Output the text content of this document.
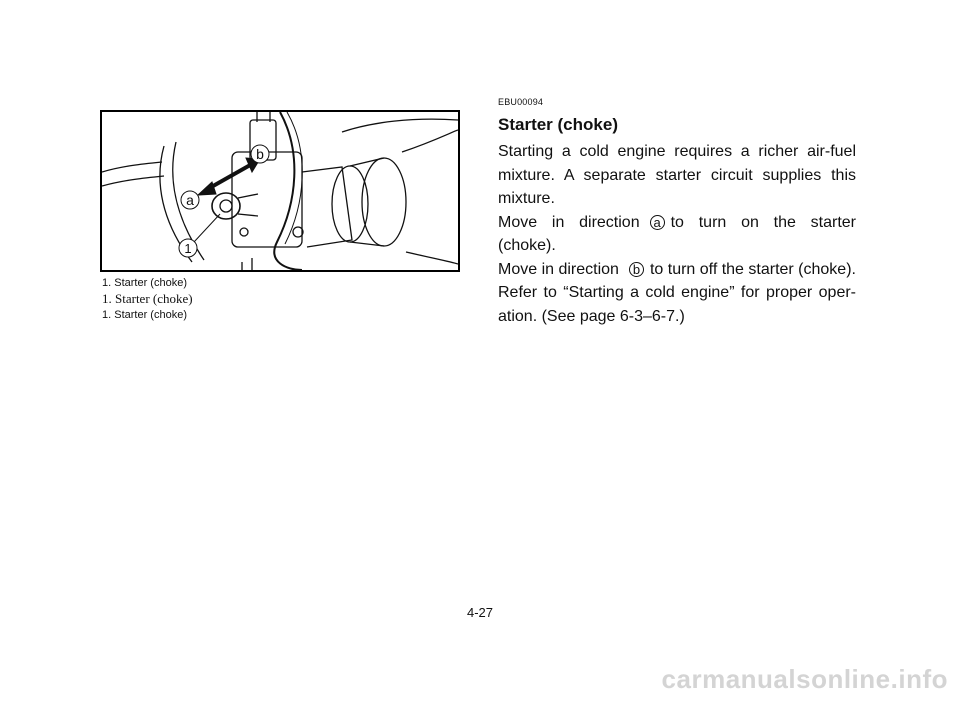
b
a
1
1. Starter (choke)
1. Starter (choke)
1. Starter (choke)
EBU00094
Starter (choke)

Starting a cold engine requires a richer air-fuel mixture. A separate starter circuit supplies this mixture.

Move in direction a to turn on the starter (choke).

Move in direction b to turn off the starter (choke).

Refer to “Starting a cold engine” for proper oper-ation. (See page 6-3–6-7.)

4-27
carmanualsonline.info
